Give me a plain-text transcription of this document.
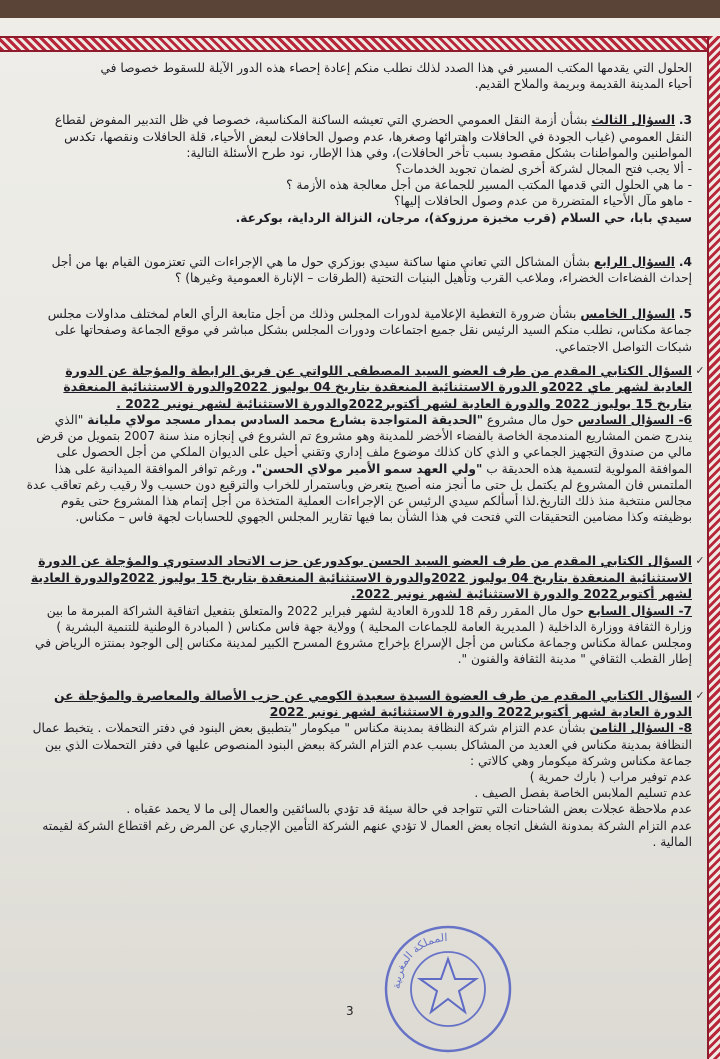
الحلول التي يقدمها المكتب المسير في هذا الصدد لذلك نطلب منكم إعادة إحصاء هذه الدور الآيلة للسقوط خصوصا في

أحياء المدينة القديمة وبريمة والملاح القديم.

3. السؤال الثالث بشأن أزمة النقل العمومي الحضري التي تعيشه الساكنة المكناسية، خصوصا في ظل التدبير المفوض لقطاع النقل العمومي (غياب الجودة في الحافلات واهترائها وصغرها، عدم وصول الحافلات لبعض الأحياء، قلة الحافلات ونقصها، تكدس المواطنين والمواطنات بشكل مقصود بسبب تأخر الحافلات)، وفي هذا الإطار، نود طرح الأسئلة التالية:

- ألا يجب فتح المجال لشركة أخرى لضمان تجويد الخدمات؟
- ما هي الحلول التي قدمها المكتب المسير للجماعة من أجل معالجة هذه الأزمة ؟
- ماهو مآل الأحياء المتضررة من عدم وصول الحافلات إليها؟

سيدي بابا، حي السلام (قرب مخبزة مرزوكة)، مرجان، النزالة الرداية، بوكرعة.

4. السؤال الرابع بشأن المشاكل التي تعاني منها ساكنة سيدي بوزكري حول ما هي الإجراءات التي تعتزمون القيام بها من أجل إحداث الفضاءات الخضراء، وملاعب القرب وتأهيل البنيات التحتية (الطرقات – الإنارة العمومية وغيرها) ؟

5. السؤال الخامس بشأن ضرورة التغطية الإعلامية لدورات المجلس وذلك من أجل متابعة الرأي العام لمختلف مداولات مجلس جماعة مكناس، نطلب منكم السيد الرئيس نقل جميع اجتماعات ودورات المجلس بشكل مباشر في موقع الجماعة وصفحاتها على شبكات التواصل الاجتماعي.

✓

السؤال الكتابي المقدم من طرف العضو السيد المصطفى اللواتي عن فريق الرابطة والمؤجلة عن الدورة العادية لشهر ماي 2022و الدورة الاستثنائية المنعقدة بتاريخ 04 يوليوز 2022والدورة الاستثنائية المنعقدة بتاريخ 15 يوليوز 2022 والدورة العادية لشهر أكتوبر2022والدورة الاستثنائية لشهر نونبر 2022 .

6- السؤال السادس حول مال مشروع "الحديقة المتواجدة بشارع محمد السادس بمدار مسجد مولاي مليانة "الذي يندرج ضمن المشاريع المندمجة الخاصة بالفضاء الأخضر للمدينة وهو مشروع تم الشروع في إنجازه منذ سنة 2007 بتمويل من قرض مالي من صندوق التجهيز الجماعي و الذي كان كذلك موضوع ملف إداري وتقني أحيل على الديوان الملكي من أجل الحصول على الموافقة المولوية لتسمية هذه الحديقة ب "ولي العهد سمو الأمير مولاي الحسن". ورغم توافر الموافقة الميدانية على هذا الملتمس فان المشروع لم يكتمل بل حتى ما أنجز منه أصبح يتعرض وباستمرار للخراب والترقيع دون حسيب ولا رقيب رغم تعاقب عدة مجالس منتخبة منذ ذلك التاريخ.لذا أسألكم سيدي الرئيس عن الإجراءات العملية المتخذة من أجل إتمام هذا المشروع حتى يقوم بوظيفته وكذا مضامين التحقيقات التي فتحت في هذا الشأن بما فيها تقارير المجلس الجهوي للحسابات لجهة فاس – مكناس.

✓

السؤال الكتابي المقدم من طرف العضو السيد الحسن بوكدورعن حزب الاتحاد الدستوري والمؤجلة عن الدورة الاستثنائية المنعقدة بتاريخ 04 يوليوز 2022والدورة الاستثنائية المنعقدة بتاريخ 15 يوليوز 2022والدورة العادية لشهر أكتوبر2022 والدورة الاستثنائية لشهر نونبر 2022.

7- السؤال السابع حول مال المقرر رقم 18 للدورة العادية لشهر فبراير 2022 والمتعلق بتفعيل اتفاقية الشراكة المبرمة ما بين وزارة الثقافة ووزارة الداخلية ( المديرية العامة للجماعات المحلية ) وولاية جهة فاس مكناس ( المبادرة الوطنية للتنمية البشرية ) ومجلس عمالة مكناس وجماعة مكناس من أجل الإسراع بإخراج مشروع المسرح الكبير لمدينة مكناس إلى الوجود بمنتزه الرياض في إطار القطب الثقافي " مدينة الثقافة والفنون ".

✓

السؤال الكتابي المقدم من طرف العضوة السيدة سعيدة الكومي عن حزب الأصالة والمعاصرة والمؤجلة عن الدورة العادية لشهر أكتوبر2022 والدورة الاستثنائية لشهر نونبر 2022

8- السؤال الثامن بشأن عدم التزام شركة النظافة بمدينة مكناس " ميكومار "بتطبيق بعض البنود في دفتر التحملات . يتخبط عمال النظافة بمدينة مكناس في العديد من المشاكل بسبب عدم التزام الشركة ببعض البنود المنصوص عليها في دفتر التحملات الذي بين جماعة مكناس وشركة ميكومار وهي كالاتي :

عدم توفير مراب ( بارك حمرية )
عدم تسليم الملابس الخاصة بفصل الصيف .
عدم ملاحظة عجلات بعض الشاحنات التي تتواجد في حالة سيئة قد تؤدي بالسائقين والعمال إلى ما لا يحمد عقباه .
عدم التزام الشركة بمدونة الشغل اتجاه بعض العمال لا تؤدي عنهم الشركة التأمين الإجباري عن المرض رغم اقتطاع الشركة لقيمته المالية .
المملكة المغربية
3
